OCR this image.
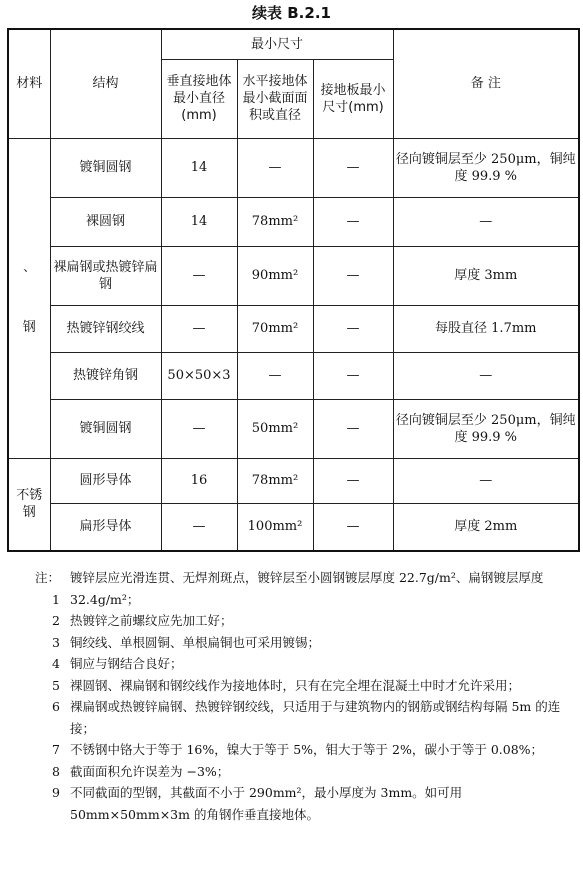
续表 B.2.1
材料	结构	最小尺寸			备 注
		垂直接地体最小直径(mm)	水平接地体最小截面面积或直径	接地板最小尺寸(mm)	

、
钢	镀铜圆钢	14	—	—	径向镀铜层至少 250μm，铜纯度 99.9 %
	裸圆钢	14	78mm²	—	—
	裸扁钢或热镀锌扁钢	—	90mm²	—	厚度 3mm
	热镀锌钢绞线	—	70mm²	—	每股直径 1.7mm
	热镀锌角钢	50×50×3	—	—	—
	镀铜圆钢	—	50mm²	—	径向镀铜层至少 250μm，铜纯度 99.9 %
不锈钢	圆形导体	16	78mm²	—	—
	扁形导体	—	100mm²	—	厚度 2mm
注：1
镀锌层应光滑连贯、无焊剂斑点，镀锌层至小圆钢镀层厚度 22.7g/m²、扁钢镀层厚度 32.4g/m²；
2 热镀锌之前螺纹应先加工好；
3 铜绞线、单根圆铜、单根扁铜也可采用镀锡；
4 铜应与钢结合良好；
5 裸圆钢、裸扁钢和钢绞线作为接地体时，只有在完全埋在混凝土中时才允许采用；
6 裸扁钢或热镀锌扁钢、热镀锌钢绞线，只适用于与建筑物内的钢筋或钢结构每隔 5m 的连接；
7 不锈钢中铬大于等于 16%，镍大于等于 5%，钼大于等于 2%，碳小于等于 0.08%；
8 截面面积允许误差为 −3%；
9 不同截面的型钢，其截面不小于 290mm²，最小厚度为 3mm。如可用 50mm×50mm×3m 的角钢作垂直接地体。
